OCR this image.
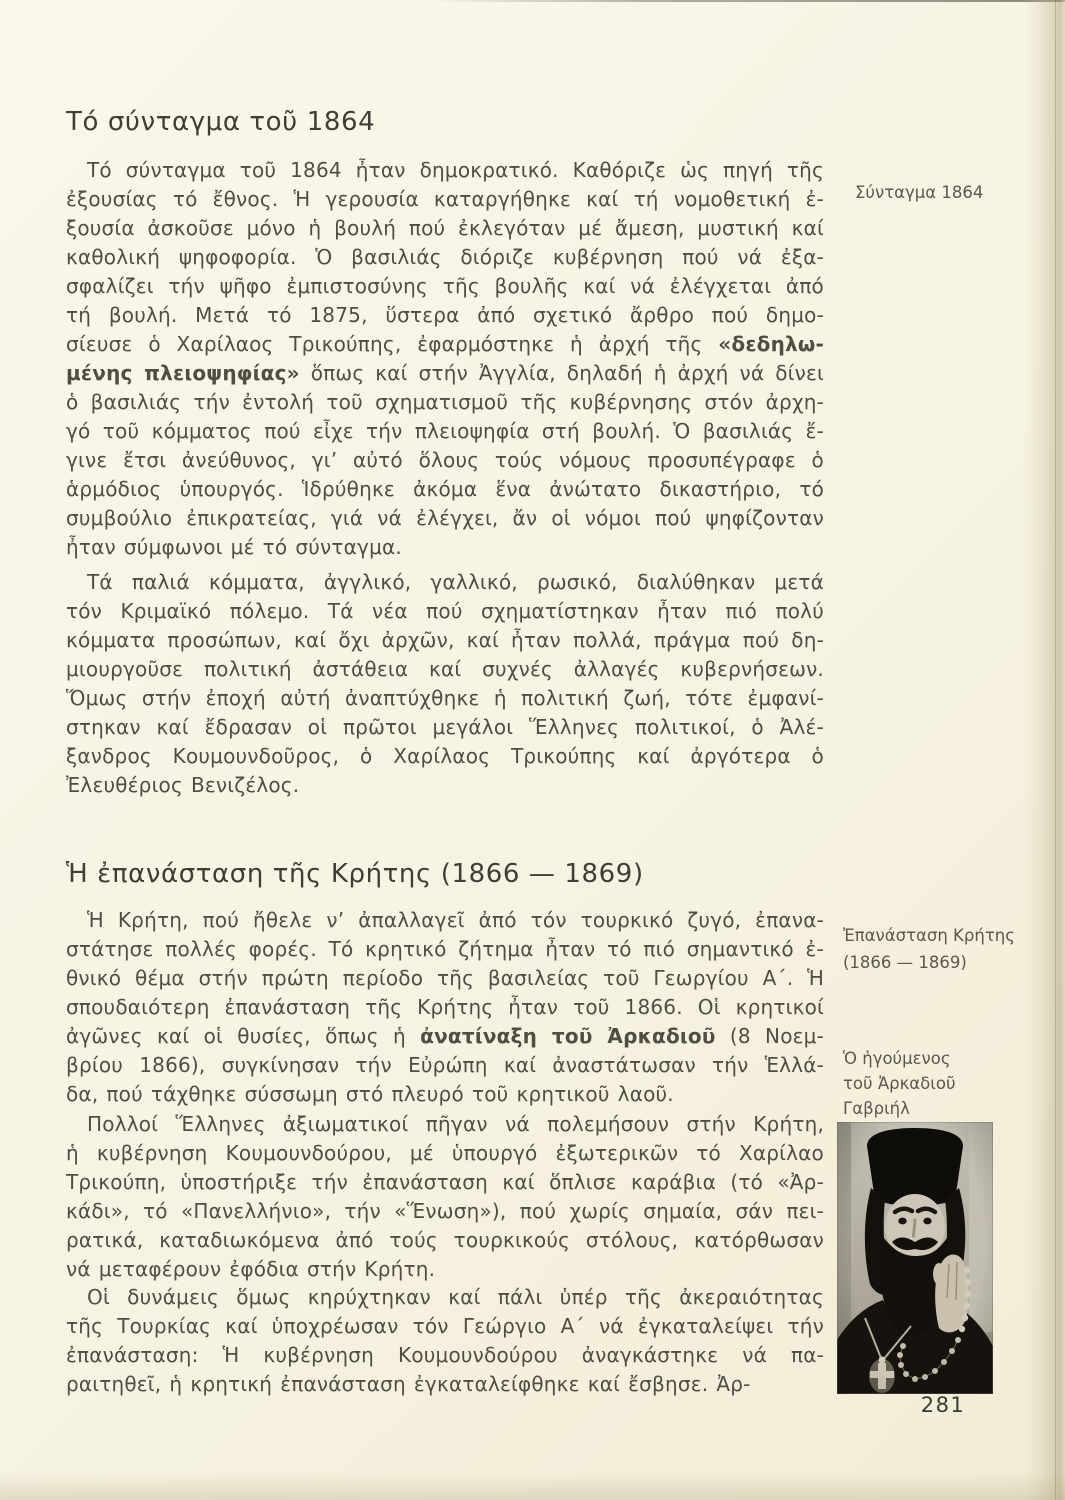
Τό σύνταγμα τοῦ 1864
Τό σύνταγμα τοῦ 1864 ἦταν δημοκρατικό. Καθόριζε ὡς πηγή τῆς
ἐξουσίας τό ἔθνος. Ἡ γερουσία καταργήθηκε καί τή νομοθετική ἐ-
ξουσία ἀσκοῦσε μόνο ἡ βουλή πού ἐκλεγόταν μέ ἄμεση, μυστική καί
καθολική ψηφοφορία. Ὁ βασιλιάς διόριζε κυβέρνηση πού νά ἐξα-
σφαλίζει τήν ψῆφο ἐμπιστοσύνης τῆς βουλῆς καί νά ἐλέγχεται ἀπό
τή βουλή. Μετά τό 1875, ὕστερα ἀπό σχετικό ἄρθρο πού δημο-
σίευσε ὁ Χαρίλαος Τρικούπης, ἐφαρμόστηκε ἡ ἀρχή τῆς «δεδηλω-
μένης πλειοψηφίας» ὅπως καί στήν Ἀγγλία, δηλαδή ἡ ἀρχή νά δίνει
ὁ βασιλιάς τήν ἐντολή τοῦ σχηματισμοῦ τῆς κυβέρνησης στόν ἀρχη-
γό τοῦ κόμματος πού εἶχε τήν πλειοψηφία στή βουλή. Ὁ βασιλιάς ἔ-
γινε ἔτσι ἀνεύθυνος, γι’ αὐτό ὅλους τούς νόμους προσυπέγραφε ὁ
ἁρμόδιος ὑπουργός. Ἱδρύθηκε ἀκόμα ἕνα ἀνώτατο δικαστήριο, τό
συμβούλιο ἐπικρατείας, γιά νά ἐλέγχει, ἄν οἱ νόμοι πού ψηφίζονταν
ἦταν σύμφωνοι μέ τό σύνταγμα.
Τά παλιά κόμματα, ἀγγλικό, γαλλικό, ρωσικό, διαλύθηκαν μετά
τόν Κριμαϊκό πόλεμο. Τά νέα πού σχηματίστηκαν ἦταν πιό πολύ
κόμματα προσώπων, καί ὄχι ἀρχῶν, καί ἦταν πολλά, πράγμα πού δη-
μιουργοῦσε πολιτική ἀστάθεια καί συχνές ἀλλαγές κυβερνήσεων.
Ὅμως στήν ἐποχή αὐτή ἀναπτύχθηκε ἡ πολιτική ζωή, τότε ἐμφανί-
στηκαν καί ἔδρασαν οἱ πρῶτοι μεγάλοι Ἕλληνες πολιτικοί, ὁ Ἀλέ-
ξανδρος Κουμουνδοῦρος, ὁ Χαρίλαος Τρικούπης καί ἀργότερα ὁ
Ἐλευθέριος Βενιζέλος.
Ἡ ἐπανάσταση τῆς Κρήτης (1866 — 1869)
Ἡ Κρήτη, πού ἤθελε ν’ ἀπαλλαγεῖ ἀπό τόν τουρκικό ζυγό, ἐπανα-
στάτησε πολλές φορές. Τό κρητικό ζήτημα ἦταν τό πιό σημαντικό ἐ-
θνικό θέμα στήν πρώτη περίοδο τῆς βασιλείας τοῦ Γεωργίου Α΄. Ἡ
σπουδαιότερη ἐπανάσταση τῆς Κρήτης ἦταν τοῦ 1866. Οἱ κρητικοί
ἀγῶνες καί οἱ θυσίες, ὅπως ἡ ἀνατίναξη τοῦ Ἀρκαδιοῦ (8 Νοεμ-
βρίου 1866), συγκίνησαν τήν Εὐρώπη καί ἀναστάτωσαν τήν Ἑλλά-
δα, πού τάχθηκε σύσσωμη στό πλευρό τοῦ κρητικοῦ λαοῦ.
Πολλοί Ἕλληνες ἀξιωματικοί πῆγαν νά πολεμήσουν στήν Κρήτη,
ἡ κυβέρνηση Κουμουνδούρου, μέ ὑπουργό ἐξωτερικῶν τό Χαρίλαο
Τρικούπη, ὑποστήριξε τήν ἐπανάσταση καί ὅπλισε καράβια (τό «Ἀρ-
κάδι», τό «Πανελλήνιο», τήν «Ἕνωση»), πού χωρίς σημαία, σάν πει-
ρατικά, καταδιωκόμενα ἀπό τούς τουρκικούς στόλους, κατόρθωσαν
νά μεταφέρουν ἐφόδια στήν Κρήτη.
Οἱ δυνάμεις ὅμως κηρύχτηκαν καί πάλι ὑπέρ τῆς ἀκεραιότητας
τῆς Τουρκίας καί ὑποχρέωσαν τόν Γεώργιο Α΄ νά ἐγκαταλείψει τήν
ἐπανάσταση: Ἡ κυβέρνηση Κουμουνδούρου ἀναγκάστηκε νά πα-
ραιτηθεῖ, ἡ κρητική ἐπανάσταση ἐγκαταλείφθηκε καί ἔσβησε. Ἀρ-
Σύνταγμα 1864
Ἐπανάσταση Κρήτης
(1866 — 1869)
Ὁ ἡγούμενος
τοῦ Ἀρκαδιοῦ
Γαβριήλ
281
